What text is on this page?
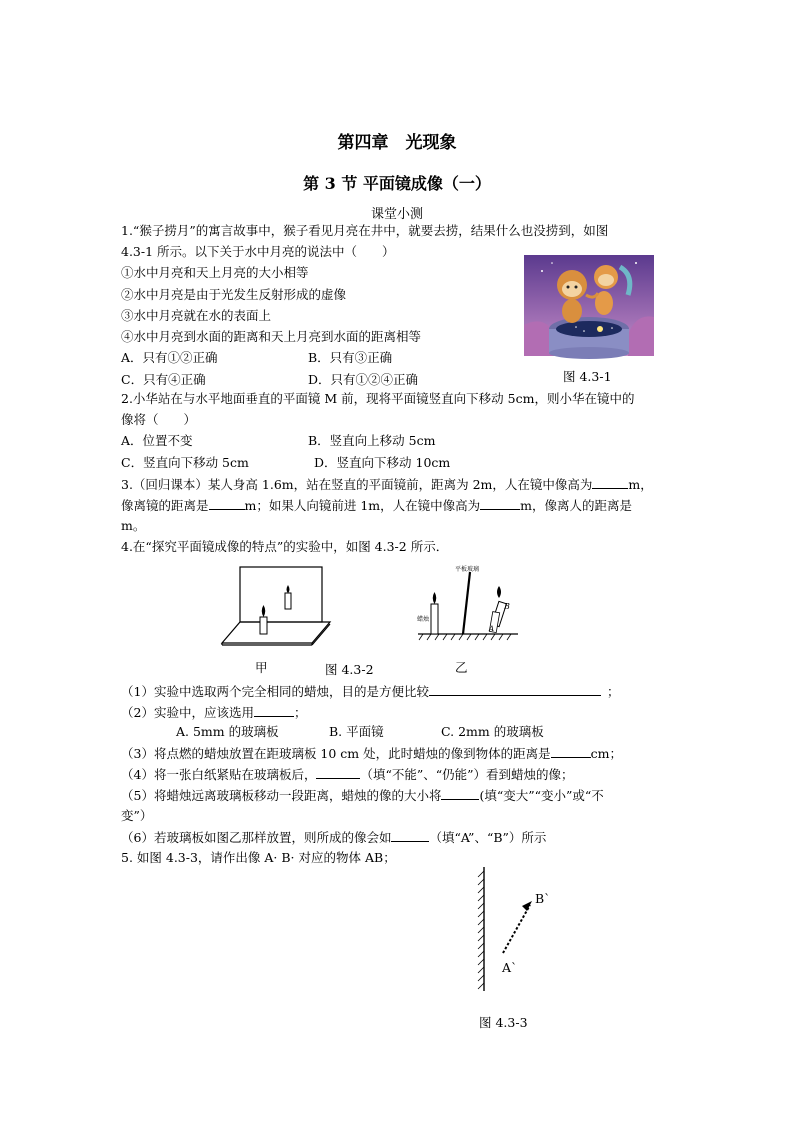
第四章　光现象
第 3 节 平面镜成像（一）
课堂小测
1.“猴子捞月”的寓言故事中，猴子看见月亮在井中，就要去捞，结果什么也没捞到，如图
4.3-1 所示。以下关于水中月亮的说法中（　　）
①水中月亮和天上月亮的大小相等
②水中月亮是由于光发生反射形成的虚像
③水中月亮就在水的表面上
④水中月亮到水面的距离和天上月亮到水面的距离相等
A．只有①②正确	B．只有③正确
C．只有④正确	D．只有①②④正确	图 4.3-1
2.小华站在与水平地面垂直的平面镜 M 前，现将平面镜竖直向下移动 5cm，则小华在镜中的
像将（　　）
A．位置不变	B．竖直向上移动 5cm
C．竖直向下移动 5cm	D．竖直向下移动 10cm
3.（回归课本）某人身高 1.6m，站在竖直的平面镜前，距离为 2m，人在镜中像高为	m，
像离镜的距离是	m；如果人向镜前进 1m，人在镜中像高为	m，像离人的距离是
m。
4.在“探究平面镜成像的特点”的实验中，如图 4.3-2 所示．
平板玻璃
蜡烛
A
B
甲	图 4.3-2	乙
（1）实验中选取两个完全相同的蜡烛，目的是方便比较	；
（2）实验中，应该选用	；
A. 5mm 的玻璃板	B. 平面镜	C. 2mm 的玻璃板
（3）将点燃的蜡烛放置在距玻璃板 10 cm 处，此时蜡烛的像到物体的距离是	cm；
（4）将一张白纸紧贴在玻璃板后，	（填“不能”、“仍能”）看到蜡烛的像；
（5）将蜡烛远离玻璃板移动一段距离，蜡烛的像的大小将	(填“变大”“变小”或“不
变”）
（6）若玻璃板如图乙那样放置，则所成的像会如	（填“A”、“B”）所示
5. 如图 4.3-3，请作出像 A· B· 对应的物体 AB；
B`
A`
图 4.3-3
